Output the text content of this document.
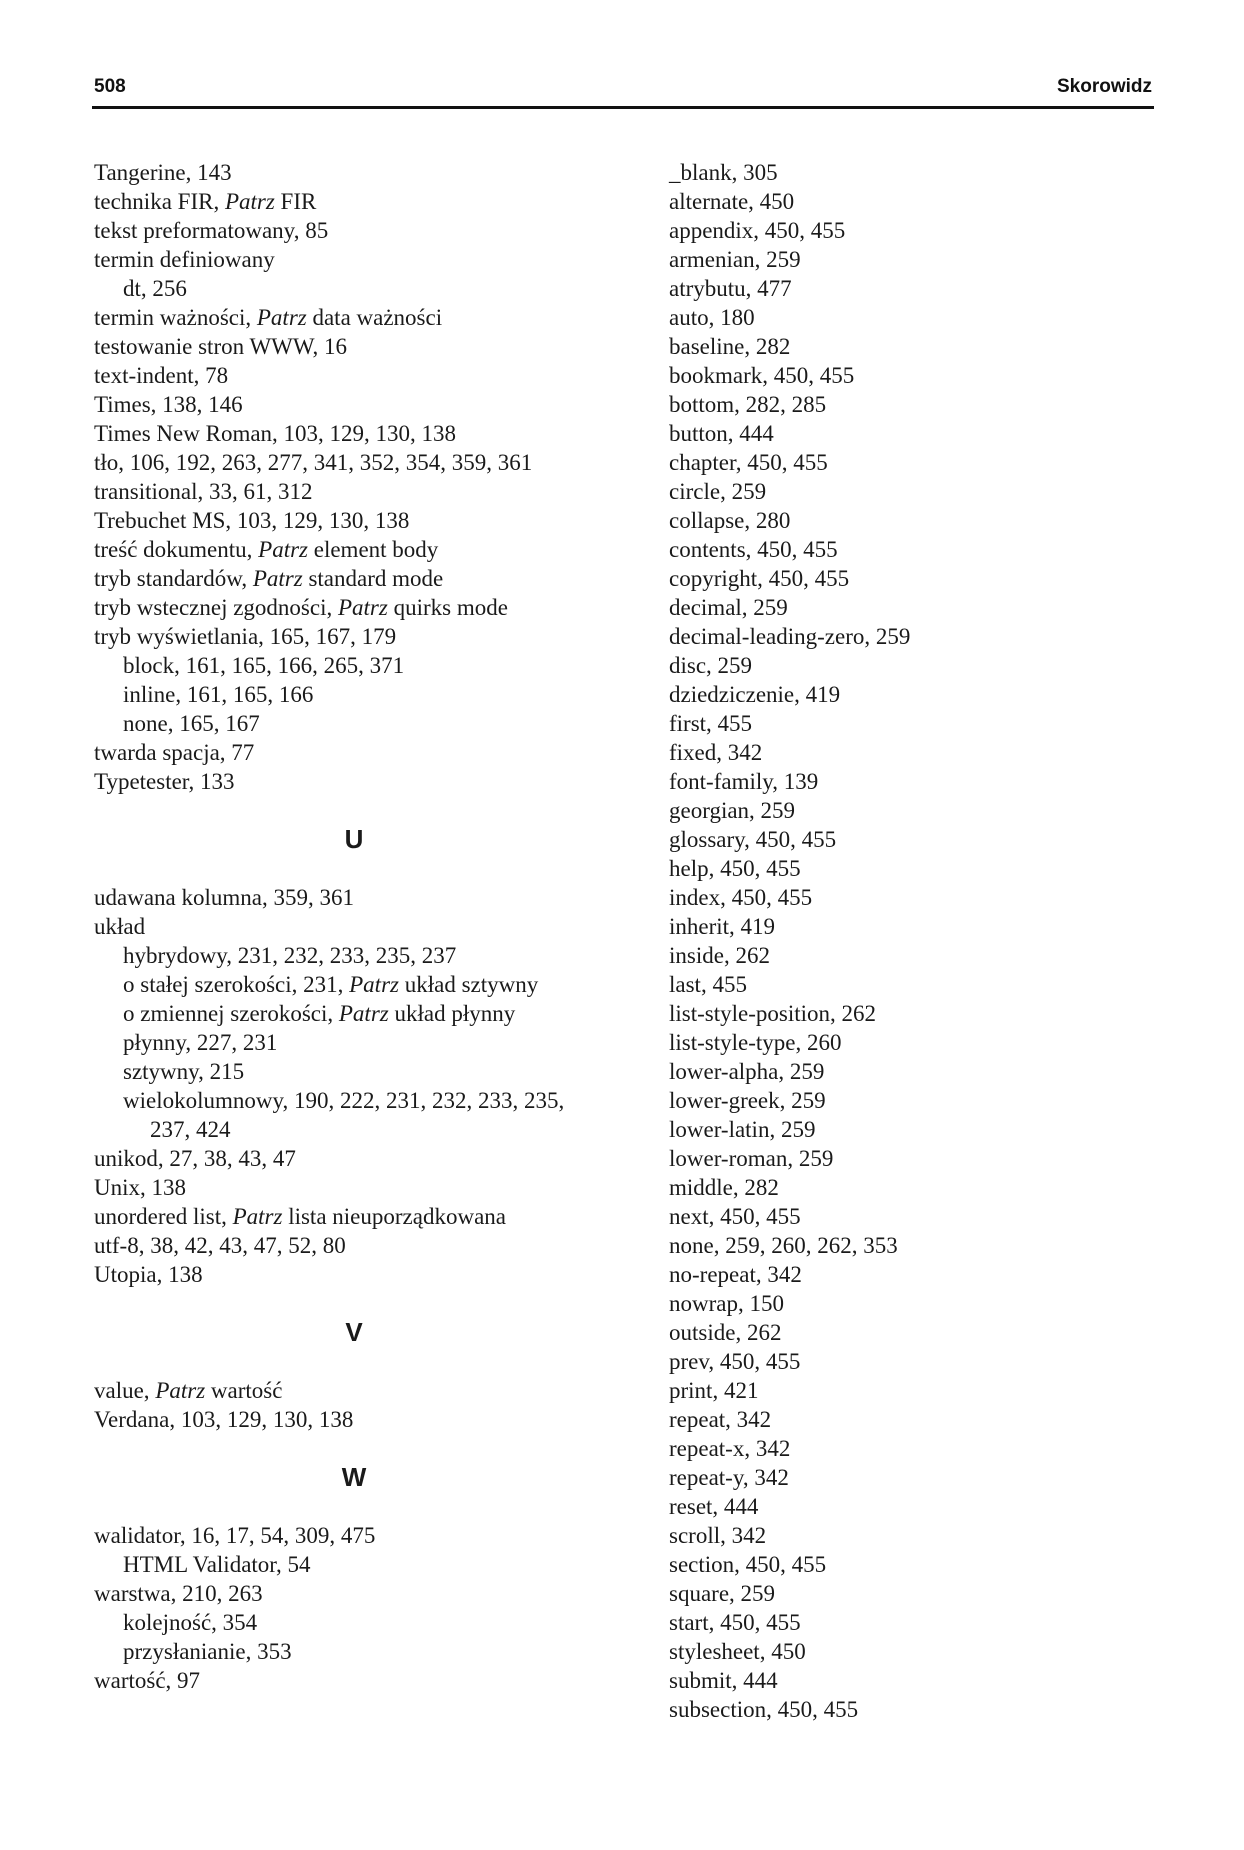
508	Skorowidz
Tangerine, 143
technika FIR, Patrz FIR
tekst preformatowany, 85
termin definiowany
dt, 256
termin ważności, Patrz data ważności
testowanie stron WWW, 16
text-indent, 78
Times, 138, 146
Times New Roman, 103, 129, 130, 138
tło, 106, 192, 263, 277, 341, 352, 354, 359, 361
transitional, 33, 61, 312
Trebuchet MS, 103, 129, 130, 138
treść dokumentu, Patrz element body
tryb standardów, Patrz standard mode
tryb wstecznej zgodności, Patrz quirks mode
tryb wyświetlania, 165, 167, 179
block, 161, 165, 166, 265, 371
inline, 161, 165, 166
none, 165, 167
twarda spacja, 77
Typetester, 133
U
udawana kolumna, 359, 361
układ
hybrydowy, 231, 232, 233, 235, 237
o stałej szerokości, 231, Patrz układ sztywny
o zmiennej szerokości, Patrz układ płynny
płynny, 227, 231
sztywny, 215
wielokolumnowy, 190, 222, 231, 232, 233, 235,
237, 424
unikod, 27, 38, 43, 47
Unix, 138
unordered list, Patrz lista nieuporządkowana
utf-8, 38, 42, 43, 47, 52, 80
Utopia, 138
V
value, Patrz wartość
Verdana, 103, 129, 130, 138
W
walidator, 16, 17, 54, 309, 475
HTML Validator, 54
warstwa, 210, 263
kolejność, 354
przysłanianie, 353
wartość, 97
_blank, 305
alternate, 450
appendix, 450, 455
armenian, 259
atrybutu, 477
auto, 180
baseline, 282
bookmark, 450, 455
bottom, 282, 285
button, 444
chapter, 450, 455
circle, 259
collapse, 280
contents, 450, 455
copyright, 450, 455
decimal, 259
decimal-leading-zero, 259
disc, 259
dziedziczenie, 419
first, 455
fixed, 342
font-family, 139
georgian, 259
glossary, 450, 455
help, 450, 455
index, 450, 455
inherit, 419
inside, 262
last, 455
list-style-position, 262
list-style-type, 260
lower-alpha, 259
lower-greek, 259
lower-latin, 259
lower-roman, 259
middle, 282
next, 450, 455
none, 259, 260, 262, 353
no-repeat, 342
nowrap, 150
outside, 262
prev, 450, 455
print, 421
repeat, 342
repeat-x, 342
repeat-y, 342
reset, 444
scroll, 342
section, 450, 455
square, 259
start, 450, 455
stylesheet, 450
submit, 444
subsection, 450, 455
